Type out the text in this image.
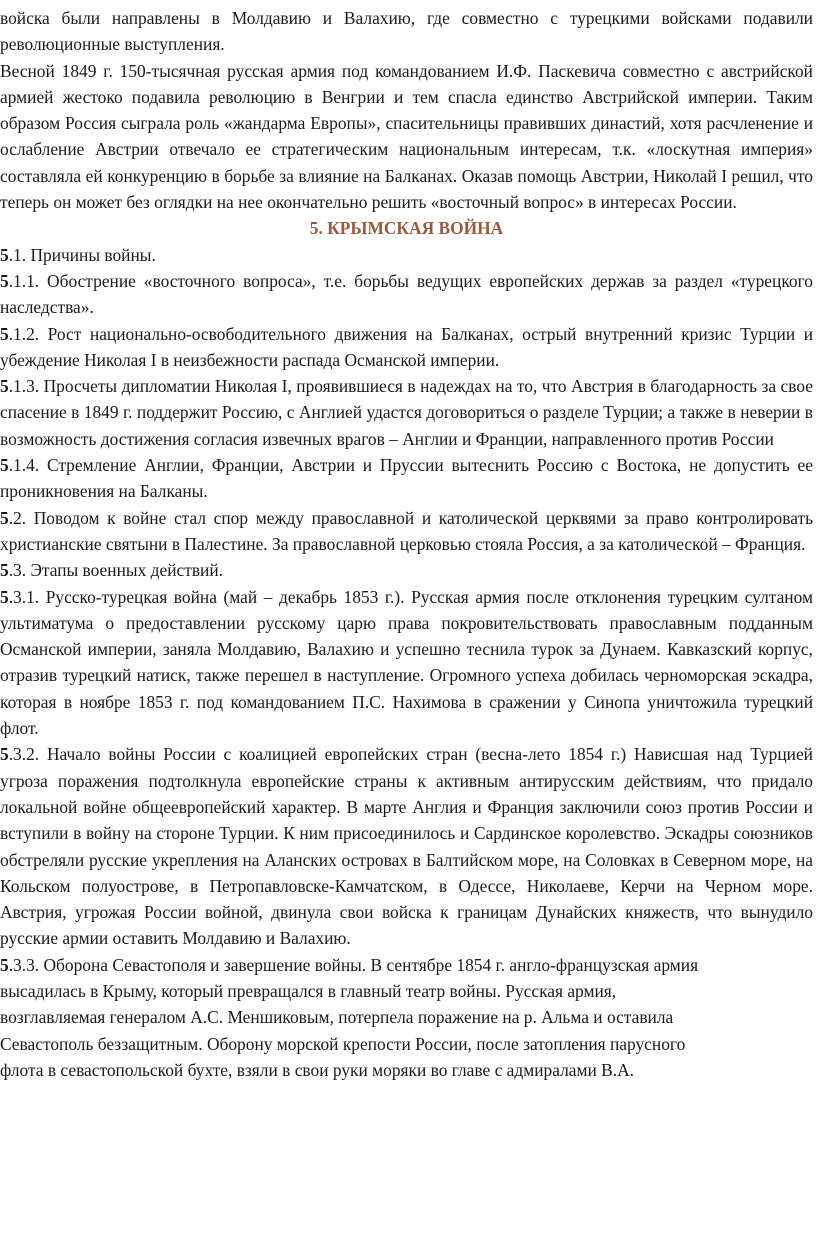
войска были направлены в Молдавию и Валахию, где совместно с турецкими войсками подавили революционные выступления.

Весной 1849 г. 150-тысячная русская армия под командованием И.Ф. Паскевича совместно с австрийской армией жестоко подавила революцию в Венгрии и тем спасла единство Австрийской империи. Таким образом Россия сыграла роль «жандарма Европы», спасительницы правивших династий, хотя расчленение и ослабление Австрии отвечало ее стратегическим национальным интересам, т.к. «лоскутная империя» составляла ей конкуренцию в борьбе за влияние на Балканах. Оказав помощь Австрии, Николай I решил, что теперь он может без оглядки на нее окончательно решить «восточный вопрос» в интересах России.

5. КРЫМСКАЯ ВОЙНА

5.1. Причины войны.

5.1.1. Обострение «восточного вопроса», т.е. борьбы ведущих европейских держав за раздел «турецкого наследства».

5.1.2. Рост национально-освободительного движения на Балканах, острый внутренний кризис Турции и убеждение Николая I в неизбежности распада Османской империи.

5.1.3. Просчеты дипломатии Николая I, проявившиеся в надеждах на то, что Австрия в благодарность за свое спасение в 1849 г. поддержит Россию, с Англией удастся договориться о разделе Турции; а также в неверии в возможность достижения согласия извечных врагов – Англии и Франции, направленного против России

5.1.4. Стремление Англии, Франции, Австрии и Пруссии вытеснить Россию с Востока, не допустить ее проникновения на Балканы.

5.2. Поводом к войне стал спор между православной и католической церквями за право контролировать христианские святыни в Палестине. За православной церковью стояла Россия, а за католической – Франция.

5.3. Этапы военных действий.

5.3.1. Русско-турецкая война (май – декабрь 1853 г.). Русская армия после отклонения турецким султаном ультиматума о предоставлении русскому царю права покровительствовать православным подданным Османской империи, заняла Молдавию, Валахию и успешно теснила турок за Дунаем. Кавказский корпус, отразив турецкий натиск, также перешел в наступление. Огромного успеха добилась черноморская эскадра, которая в ноябре 1853 г. под командованием П.С. Нахимова в сражении у Синопа уничтожила турецкий флот.

5.3.2. Начало войны России с коалицией европейских стран (весна-лето 1854 г.) Нависшая над Турцией угроза поражения подтолкнула европейские страны к активным антирусским действиям, что придало локальной войне общеевропейский характер. В марте Англия и Франция заключили союз против России и вступили в войну на стороне Турции. К ним присоединилось и Сардинское королевство. Эскадры союзников обстреляли русские укрепления на Аланских островах в Балтийском море, на Соловках в Северном море, на Кольском полуострове, в Петропавловске-Камчатском, в Одессе, Николаеве, Керчи на Черном море. Австрия, угрожая России войной, двинула свои войска к границам Дунайских княжеств, что вынудило русские армии оставить Молдавию и Валахию.

5.3.3. Оборона Севастополя и завершение войны. В сентябре 1854 г. англо-французская армия
высадилась в Крыму, который превращался в главный театр войны. Русская армия,
возглавляемая генералом А.С. Меншиковым, потерпела поражение на р. Альма и оставила
Севастополь беззащитным. Оборону морской крепости России, после затопления парусного
флота в севастопольской бухте, взяли в свои руки моряки во главе с адмиралами В.А.
